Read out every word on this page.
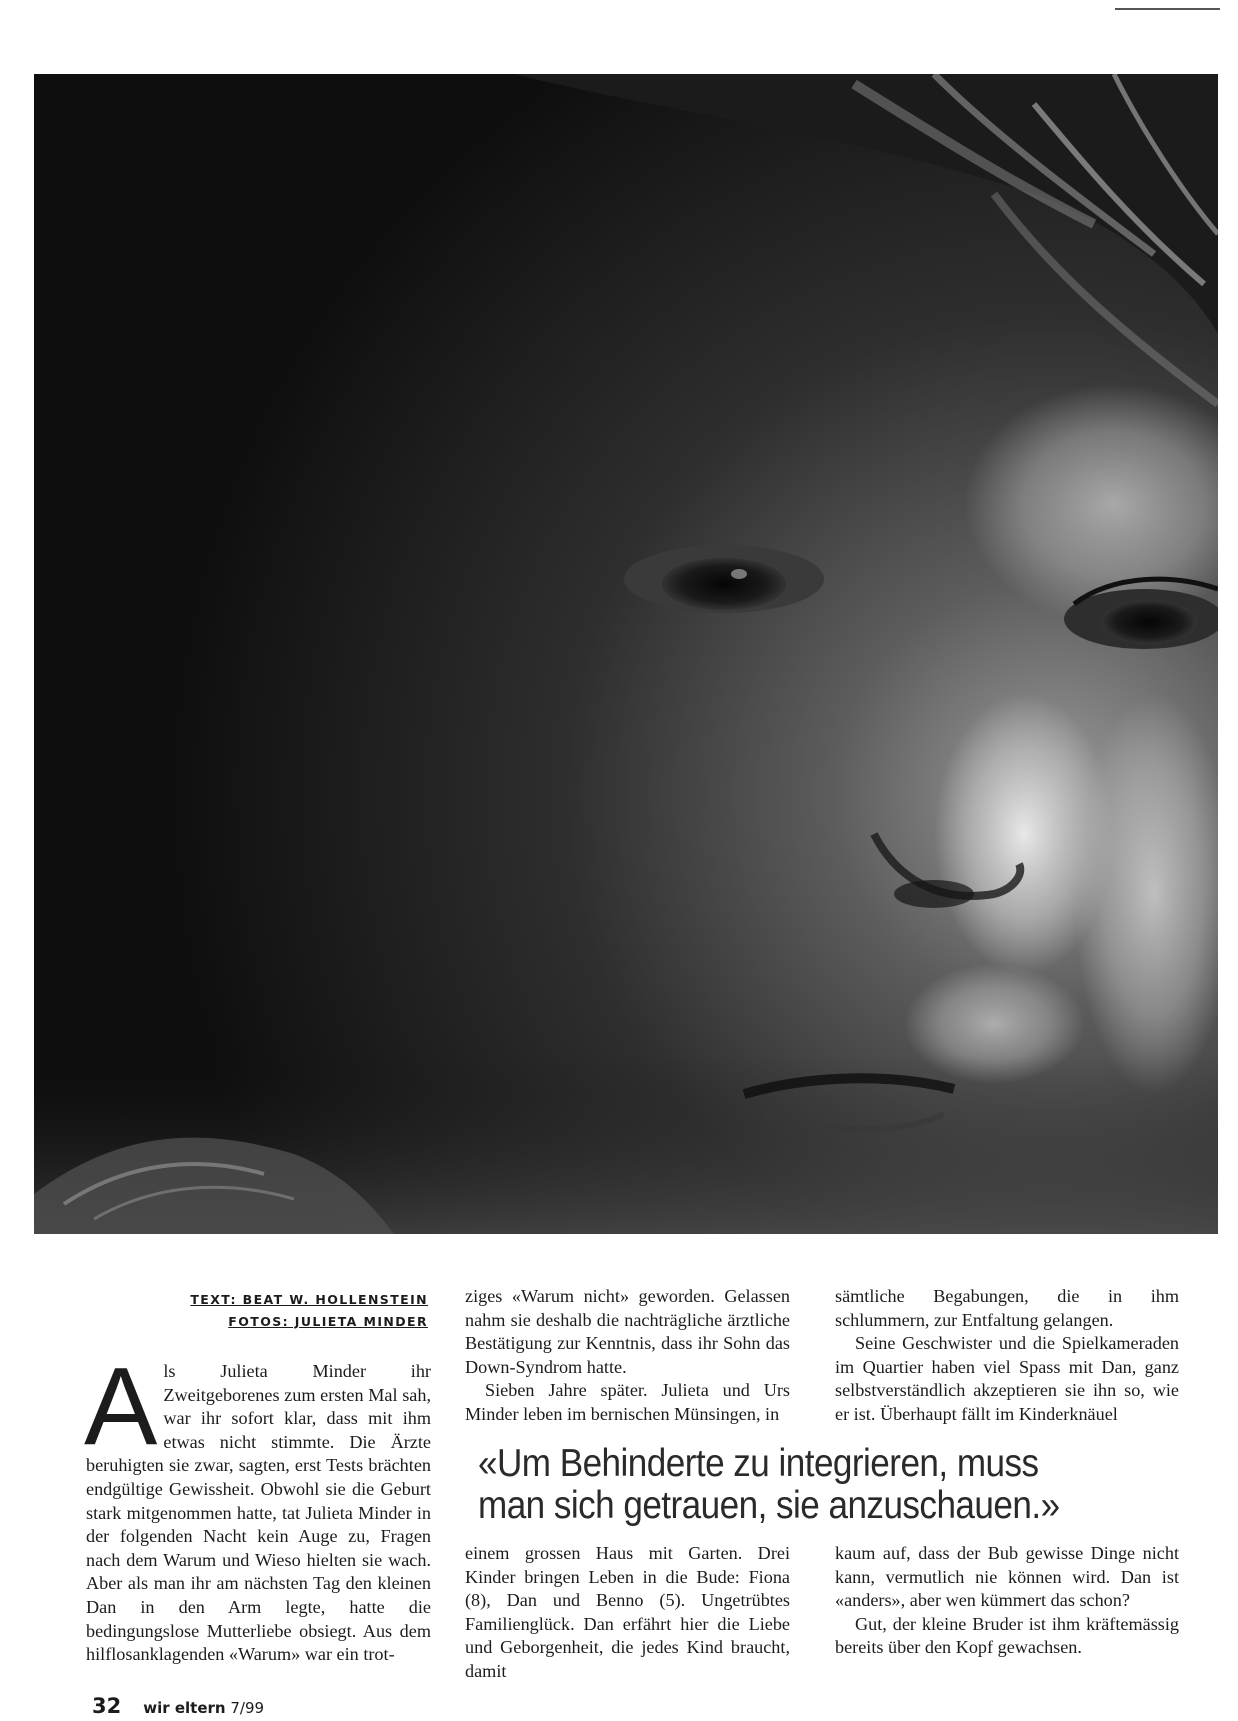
TEXT: BEAT W. HOLLENSTEIN
FOTOS: JULIETA MINDER
A ls Julieta Minder ihr Zweitgeborenes zum ersten Mal sah, war ihr sofort klar, dass mit ihm etwas nicht stimmte. Die Ärzte beruhigten sie zwar, sagten, erst Tests brächten endgültige Gewissheit. Obwohl sie die Geburt stark mitgenommen hatte, tat Julieta Minder in der folgenden Nacht kein Auge zu, Fragen nach dem Warum und Wieso hielten sie wach. Aber als man ihr am nächsten Tag den kleinen Dan in den Arm legte, hatte die bedingungslose Mutterliebe obsiegt. Aus dem hilflosanklagenden «Warum» war ein trot-

ziges «Warum nicht» geworden. Gelassen nahm sie deshalb die nachträgliche ärztliche Bestätigung zur Kenntnis, dass ihr Sohn das Down-Syndrom hatte.

Sieben Jahre später. Julieta und Urs Minder leben im bernischen Münsingen, in

sämtliche Begabungen, die in ihm schlummern, zur Entfaltung gelangen.

Seine Geschwister und die Spielkameraden im Quartier haben viel Spass mit Dan, ganz selbstverständlich akzeptieren sie ihn so, wie er ist. Überhaupt fällt im Kinderknäuel

«Um Behinderte zu integrieren, muss
man sich getrauen, sie anzuschauen.»

einem grossen Haus mit Garten. Drei Kinder bringen Leben in die Bude: Fiona (8), Dan und Benno (5). Ungetrübtes Familienglück. Dan erfährt hier die Liebe und Geborgenheit, die jedes Kind braucht, damit

kaum auf, dass der Bub gewisse Dinge nicht kann, vermutlich nie können wird. Dan ist «anders», aber wen kümmert das schon?

Gut, der kleine Bruder ist ihm kräftemässig bereits über den Kopf gewachsen.

32 wir eltern 7/99
